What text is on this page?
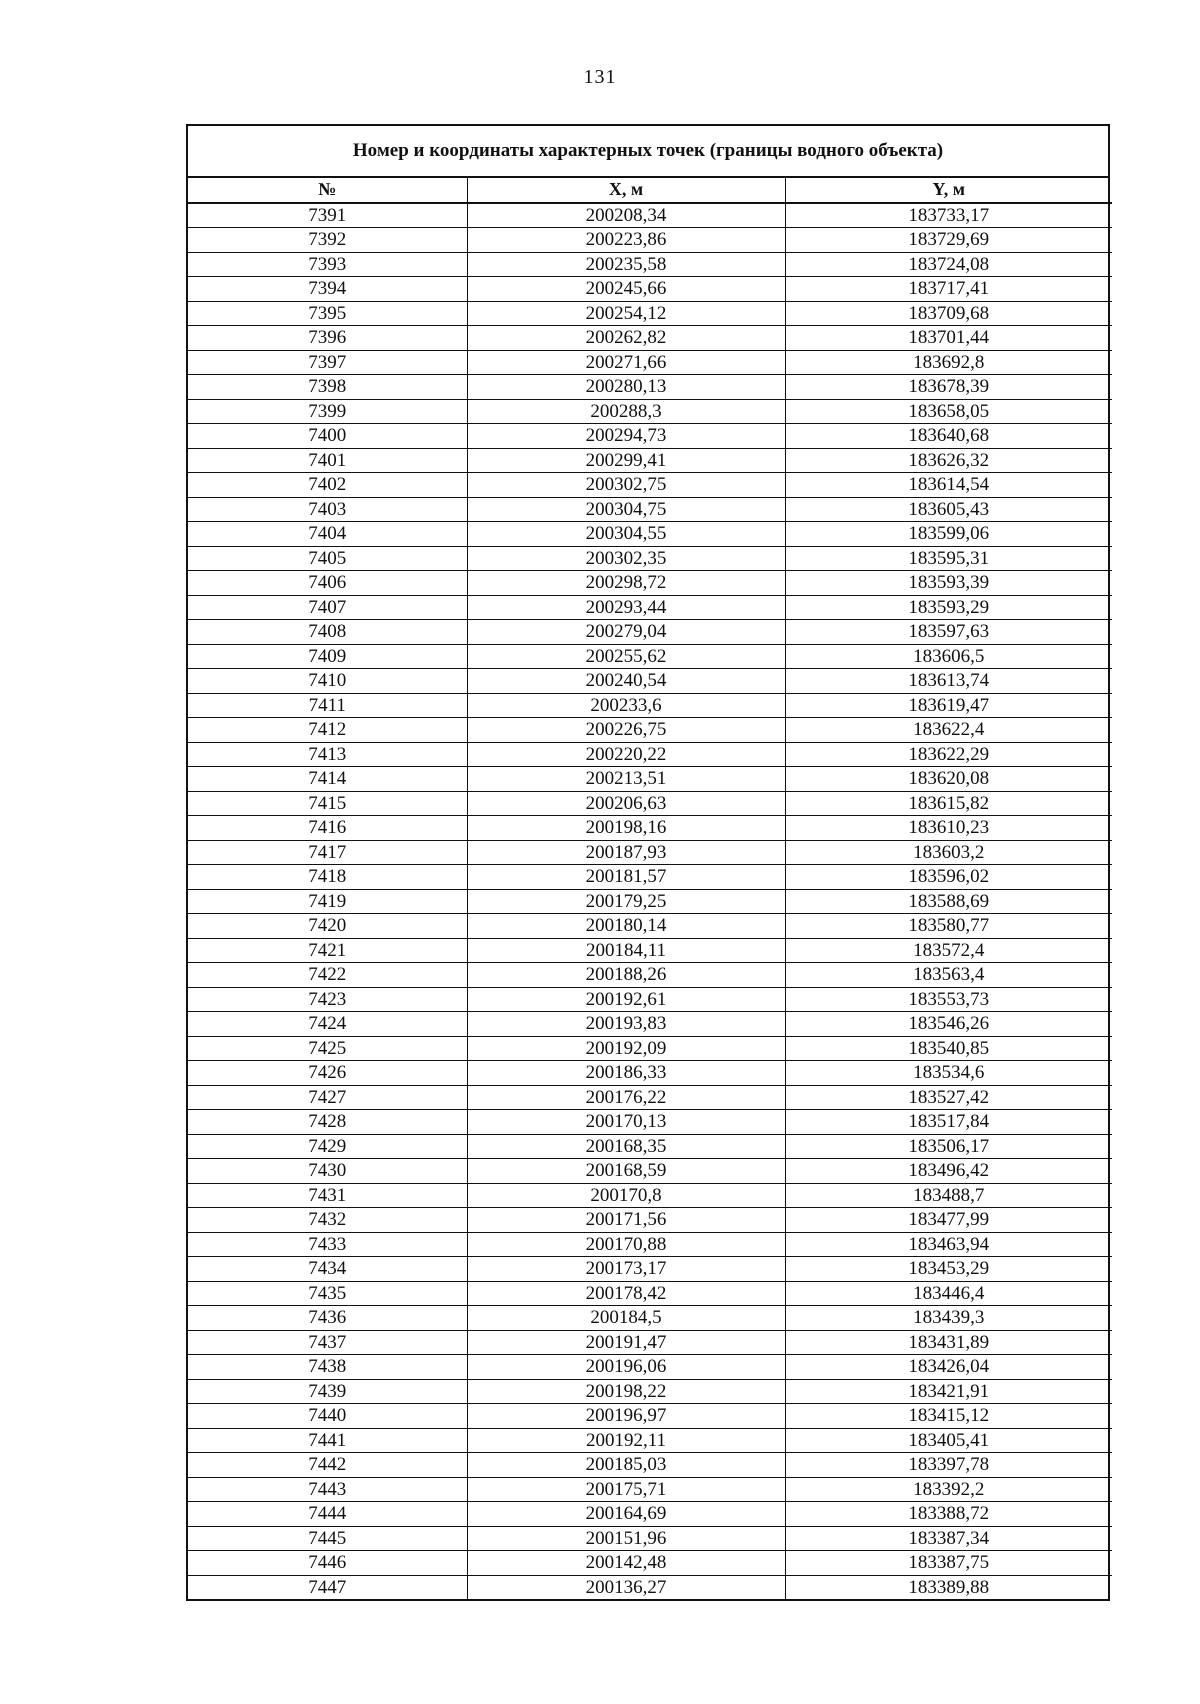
131
Номер и координаты характерных точек (границы водного объекта)
№	X, м	Y, м
7391	200208,34	183733,17
7392	200223,86	183729,69
7393	200235,58	183724,08
7394	200245,66	183717,41
7395	200254,12	183709,68
7396	200262,82	183701,44
7397	200271,66	183692,8
7398	200280,13	183678,39
7399	200288,3	183658,05
7400	200294,73	183640,68
7401	200299,41	183626,32
7402	200302,75	183614,54
7403	200304,75	183605,43
7404	200304,55	183599,06
7405	200302,35	183595,31
7406	200298,72	183593,39
7407	200293,44	183593,29
7408	200279,04	183597,63
7409	200255,62	183606,5
7410	200240,54	183613,74
7411	200233,6	183619,47
7412	200226,75	183622,4
7413	200220,22	183622,29
7414	200213,51	183620,08
7415	200206,63	183615,82
7416	200198,16	183610,23
7417	200187,93	183603,2
7418	200181,57	183596,02
7419	200179,25	183588,69
7420	200180,14	183580,77
7421	200184,11	183572,4
7422	200188,26	183563,4
7423	200192,61	183553,73
7424	200193,83	183546,26
7425	200192,09	183540,85
7426	200186,33	183534,6
7427	200176,22	183527,42
7428	200170,13	183517,84
7429	200168,35	183506,17
7430	200168,59	183496,42
7431	200170,8	183488,7
7432	200171,56	183477,99
7433	200170,88	183463,94
7434	200173,17	183453,29
7435	200178,42	183446,4
7436	200184,5	183439,3
7437	200191,47	183431,89
7438	200196,06	183426,04
7439	200198,22	183421,91
7440	200196,97	183415,12
7441	200192,11	183405,41
7442	200185,03	183397,78
7443	200175,71	183392,2
7444	200164,69	183388,72
7445	200151,96	183387,34
7446	200142,48	183387,75
7447	200136,27	183389,88
